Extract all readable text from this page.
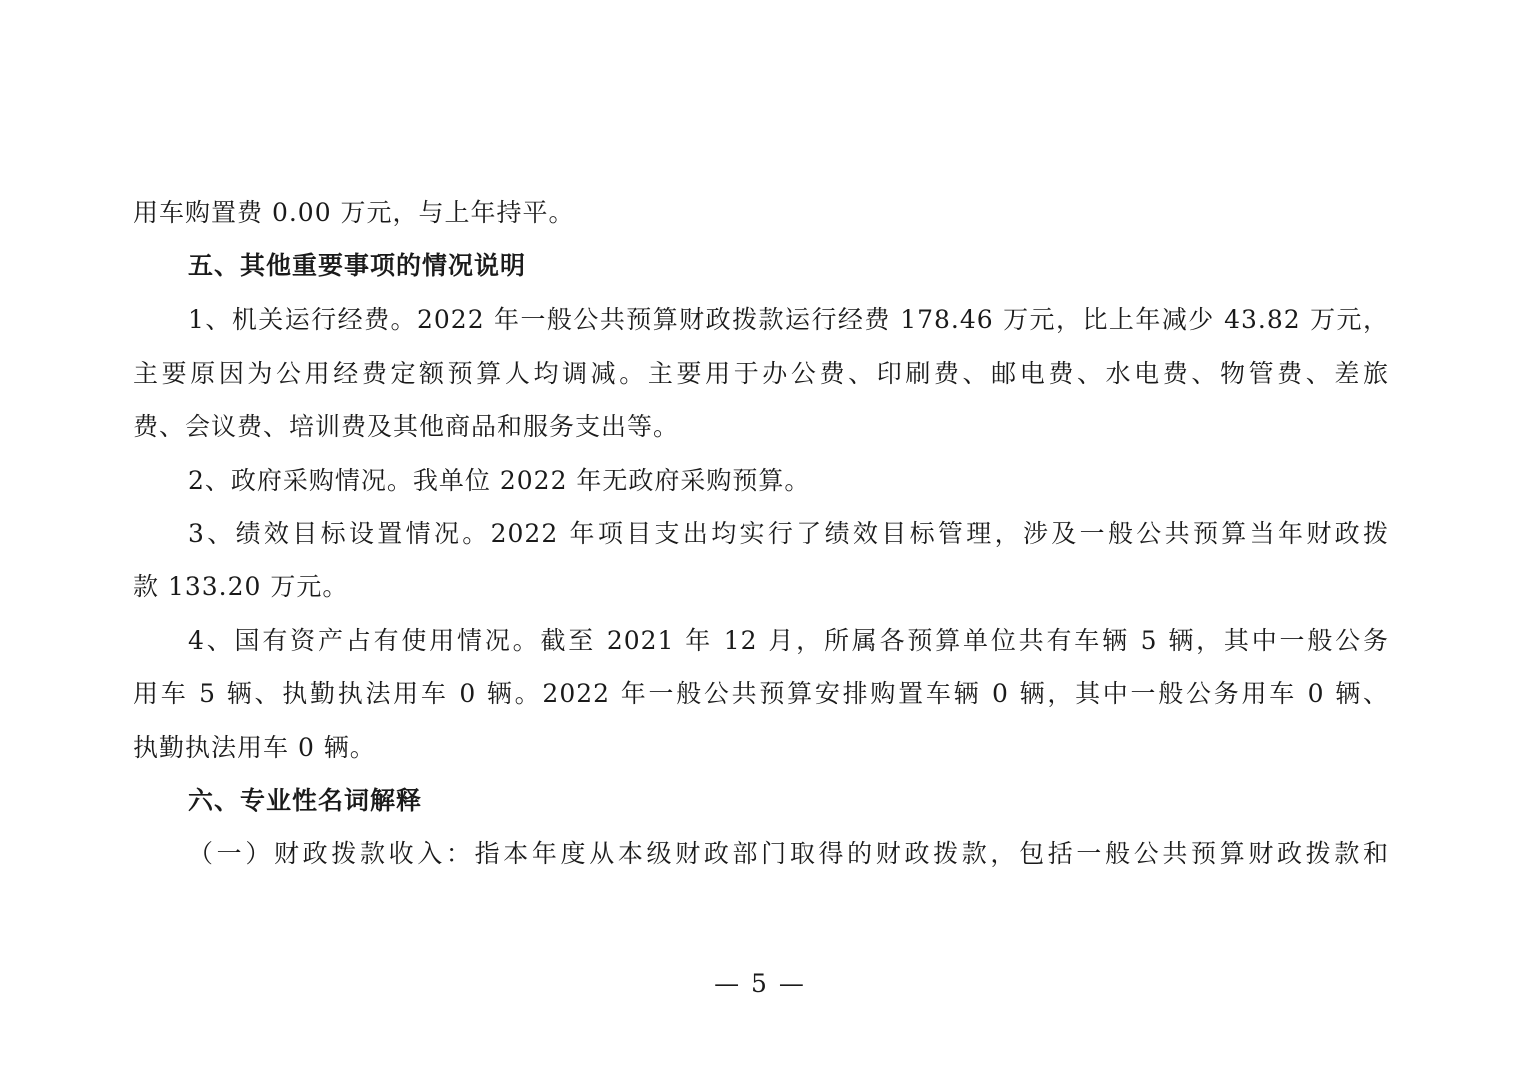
用车购置费 0.00 万元，与上年持平。
五、其他重要事项的情况说明
1、机关运行经费。2022 年一般公共预算财政拨款运行经费 178.46 万元，比上年减少 43.82 万元，
主要原因为公用经费定额预算人均调减。主要用于办公费、印刷费、邮电费、水电费、物管费、差旅
费、会议费、培训费及其他商品和服务支出等。
2、政府采购情况。我单位 2022 年无政府采购预算。
3、绩效目标设置情况。2022 年项目支出均实行了绩效目标管理，涉及一般公共预算当年财政拨
款 133.20 万元。
4、国有资产占有使用情况。截至 2021 年 12 月，所属各预算单位共有车辆 5 辆，其中一般公务
用车 5 辆、执勤执法用车 0 辆。2022 年一般公共预算安排购置车辆 0 辆，其中一般公务用车 0 辆、
执勤执法用车 0 辆。
六、专业性名词解释
（一）财政拨款收入：指本年度从本级财政部门取得的财政拨款，包括一般公共预算财政拨款和
— 5 —
